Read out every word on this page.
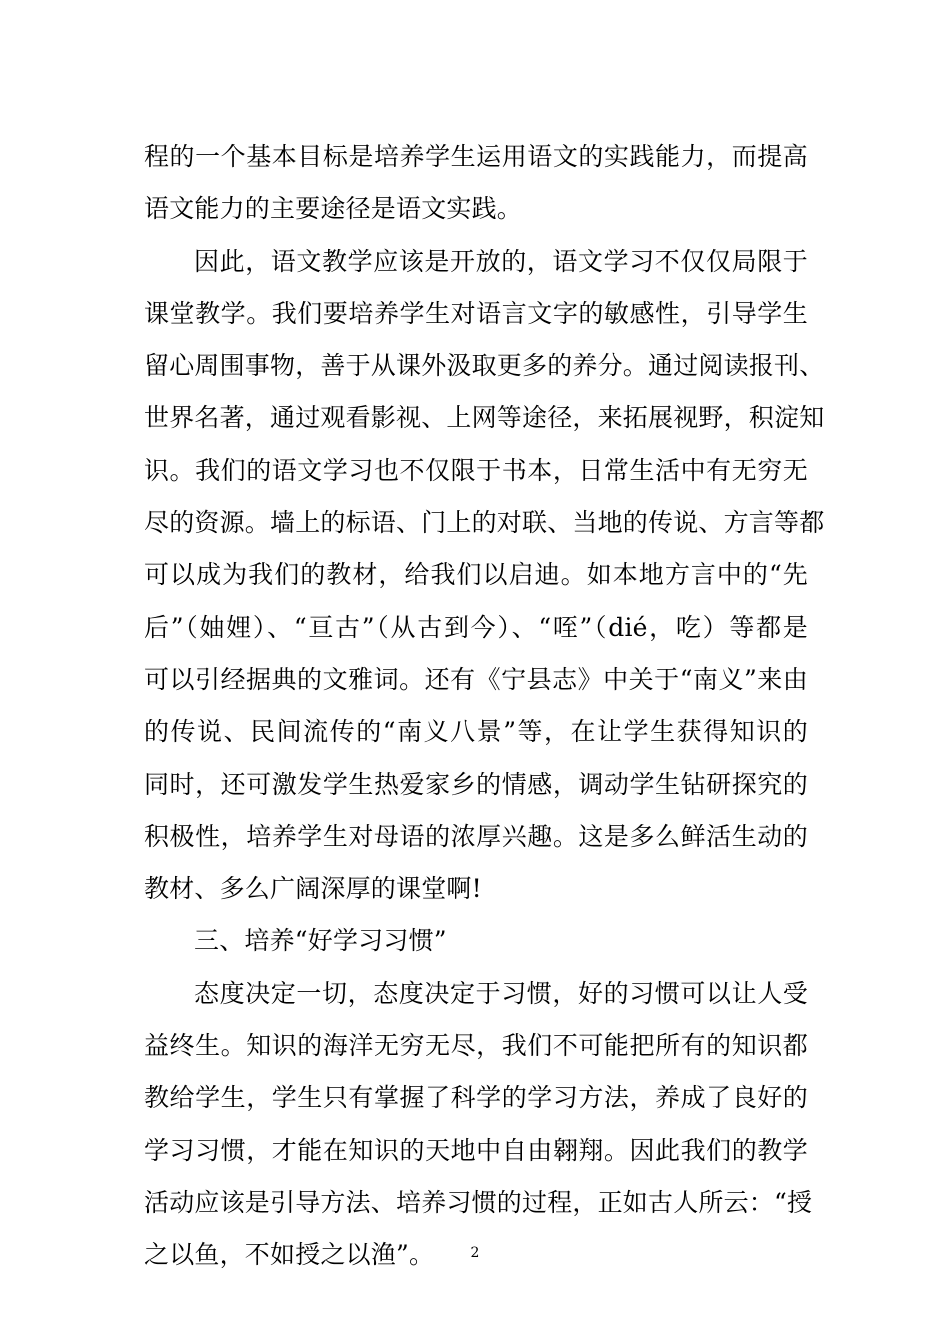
程的一个基本目标是培养学生运用语文的实践能力，而提高
语文能力的主要途径是语文实践。
因此，语文教学应该是开放的，语文学习不仅仅局限于
课堂教学。我们要培养学生对语言文字的敏感性，引导学生
留心周围事物，善于从课外汲取更多的养分。通过阅读报刊、
世界名著，通过观看影视、上网等途径，来拓展视野，积淀知
识。我们的语文学习也不仅限于书本，日常生活中有无穷无
尽的资源。墙上的标语、门上的对联、当地的传说、方言等都
可以成为我们的教材，给我们以启迪。如本地方言中的“先
后”（妯娌）、“亘古”（从古到今）、“咥”（dié，吃）等都是
可以引经据典的文雅词。还有《宁县志》中关于“南义”来由
的传说、民间流传的“南义八景”等，在让学生获得知识的
同时，还可激发学生热爱家乡的情感，调动学生钻研探究的
积极性，培养学生对母语的浓厚兴趣。这是多么鲜活生动的
教材、多么广阔深厚的课堂啊!
三、培养“好学习习惯”
态度决定一切，态度决定于习惯，好的习惯可以让人受
益终生。知识的海洋无穷无尽，我们不可能把所有的知识都
教给学生，学生只有掌握了科学的学习方法，养成了良好的
学习习惯，才能在知识的天地中自由翱翔。因此我们的教学
活动应该是引导方法、培养习惯的过程，正如古人所云：“授
之以鱼，不如授之以渔”。	2
